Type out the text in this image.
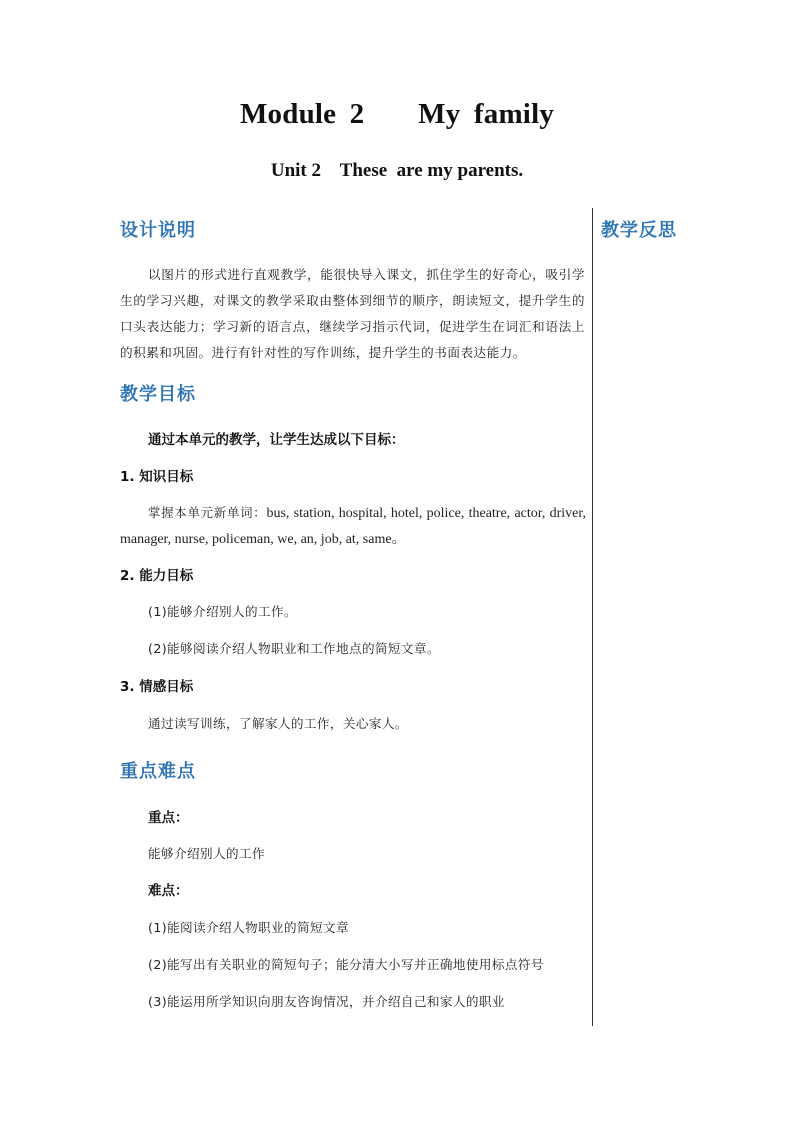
Module 2    My family
Unit 2    These  are my parents.
设计说明	教学反思
以图片的形式进行直观教学，能很快导入课文，抓住学生的好奇心，吸引学生的学习兴趣，对课文的教学采取由整体到细节的顺序，朗读短文，提升学生的口头表达能力；学习新的语言点，继续学习指示代词，促进学生在词汇和语法上的积累和巩固。进行有针对性的写作训练，提升学生的书面表达能力。
教学目标
通过本单元的教学，让学生达成以下目标：
1. 知识目标
掌握本单元新单词：bus, station, hospital, hotel, police, theatre, actor, driver, manager, nurse, policeman, we, an, job, at, same。
2. 能力目标
(1)能够介绍别人的工作。
(2)能够阅读介绍人物职业和工作地点的简短文章。
3. 情感目标
通过读写训练，了解家人的工作，关心家人。
重点难点
重点：
能够介绍别人的工作
难点：
(1)能阅读介绍人物职业的简短文章
(2)能写出有关职业的简短句子；能分清大小写并正确地使用标点符号
(3)能运用所学知识向朋友咨询情况，并介绍自己和家人的职业
